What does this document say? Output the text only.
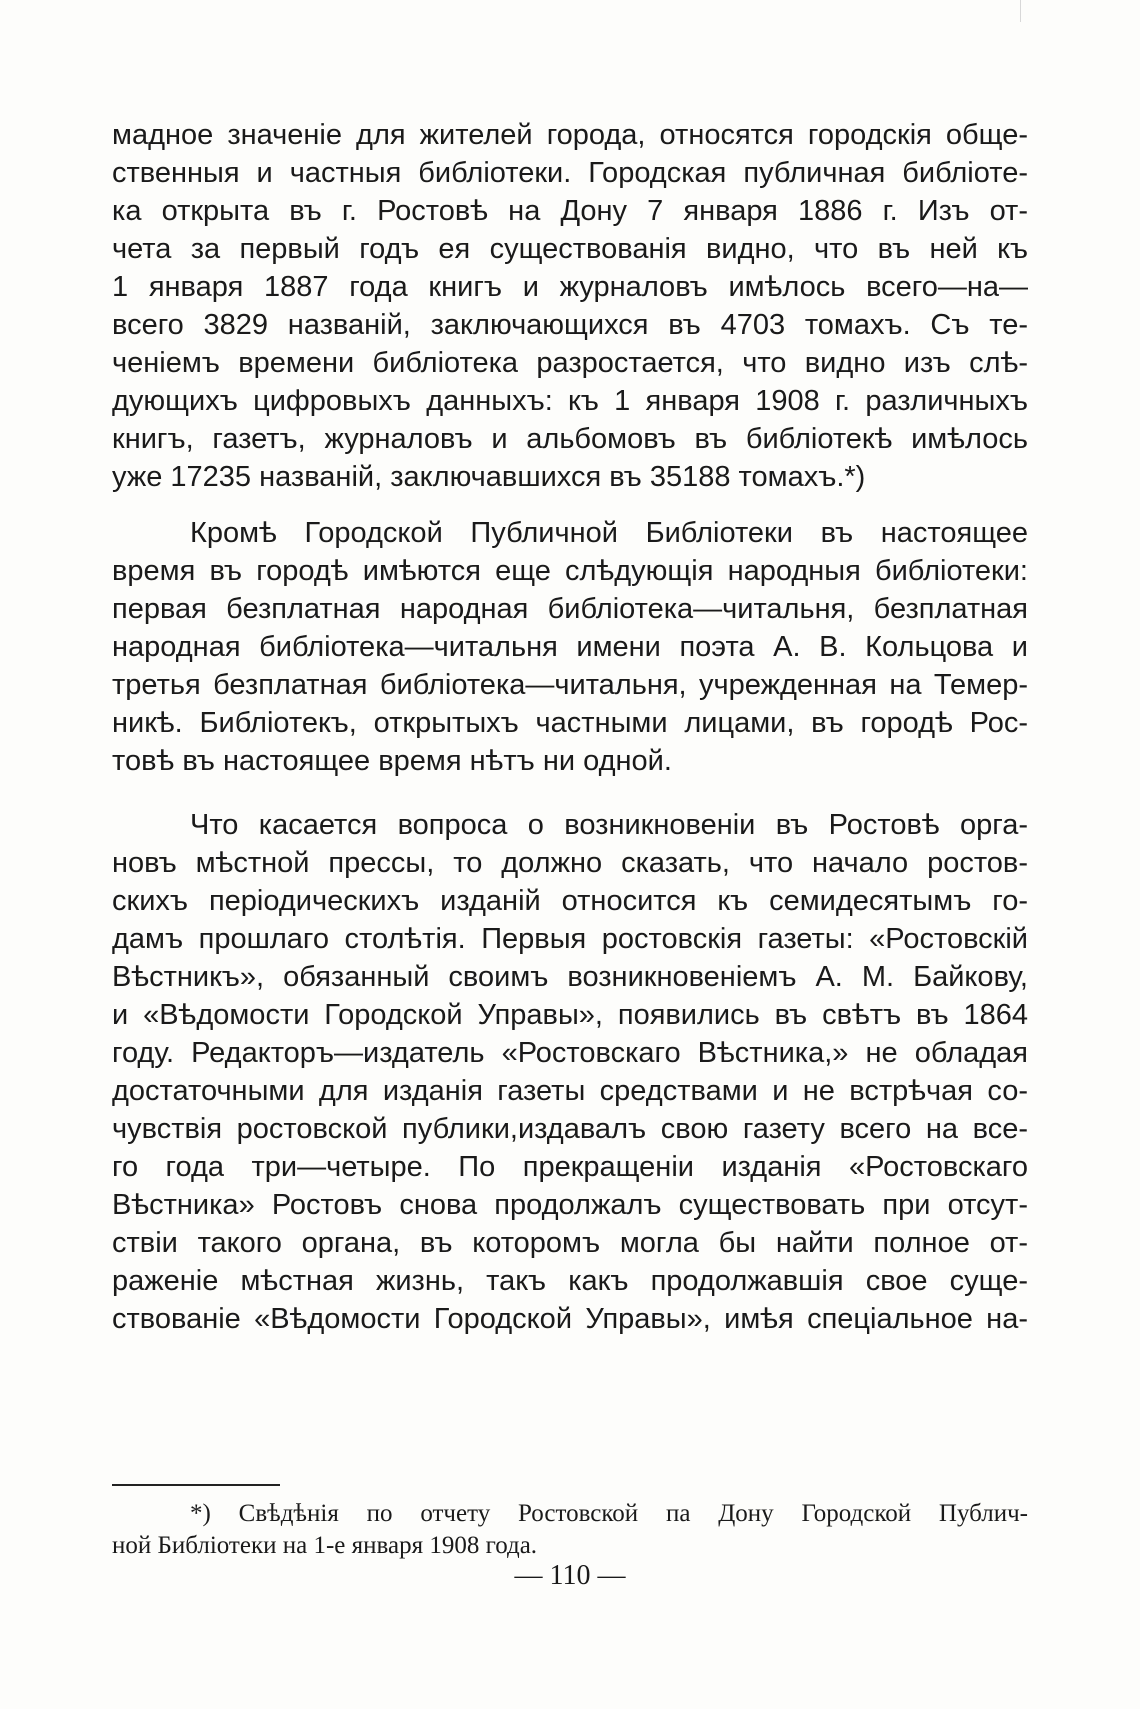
мадное значеніе для жителей города, относятся городскія обще-
ственныя и частныя библіотеки. Городская публичная библіоте-
ка открыта въ г. Ростовѣ на Дону 7 января 1886 г. Изъ от-
чета за первый годъ ея существованія видно, что въ ней къ
1 января 1887 года книгъ и журналовъ имѣлось всего—на—
всего 3829 названій, заключающихся въ 4703 томахъ. Съ те-
ченіемъ времени библіотека разростается, что видно изъ слѣ-
дующихъ цифровыхъ данныхъ: къ 1 января 1908 г. различныхъ
книгъ, газетъ, журналовъ и альбомовъ въ библіотекѣ имѣлось
уже 17235 названій, заключавшихся въ 35188 томахъ.*)
Кромѣ Городской Публичной Библіотеки въ настоящее
время въ городѣ имѣются еще слѣдующія народныя библіотеки:
первая безплатная народная библіотека—читальня, безплатная
народная библіотека—читальня имени поэта А. В. Кольцова и
третья безплатная библіотека—читальня, учрежденная на Темер-
никѣ. Библіотекъ, открытыхъ частными лицами, въ городѣ Рос-
товѣ въ настоящее время нѣтъ ни одной.
Что касается вопроса о возникновеніи въ Ростовѣ орга-
новъ мѣстной прессы, то должно сказать, что начало ростов-
скихъ періодическихъ изданій относится къ семидесятымъ го-
дамъ прошлаго столѣтія. Первыя ростовскія газеты: «Ростовскій
Вѣстникъ», обязанный своимъ возникновеніемъ А. М. Байкову,
и «Вѣдомости Городской Управы», появились въ свѣтъ въ 1864
году. Редакторъ—издатель «Ростовскаго Вѣстника,» не обладая
достаточными для изданія газеты средствами и не встрѣчая со-
чувствія ростовской публики,издавалъ свою газету всего на все-
го года три—четыре. По прекращеніи изданія «Ростовскаго
Вѣстника» Ростовъ снова продолжалъ существовать при отсут-
ствіи такого органа, въ которомъ могла бы найти полное от-
раженіе мѣстная жизнь, такъ какъ продолжавшія свое суще-
ствованіе «Вѣдомости Городской Управы», имѣя спеціальное на-
*) Свѣдѣнія по отчету Ростовской па Дону Городской Публич-
ной Библіотеки на 1-е января 1908 года.
— 110 —
